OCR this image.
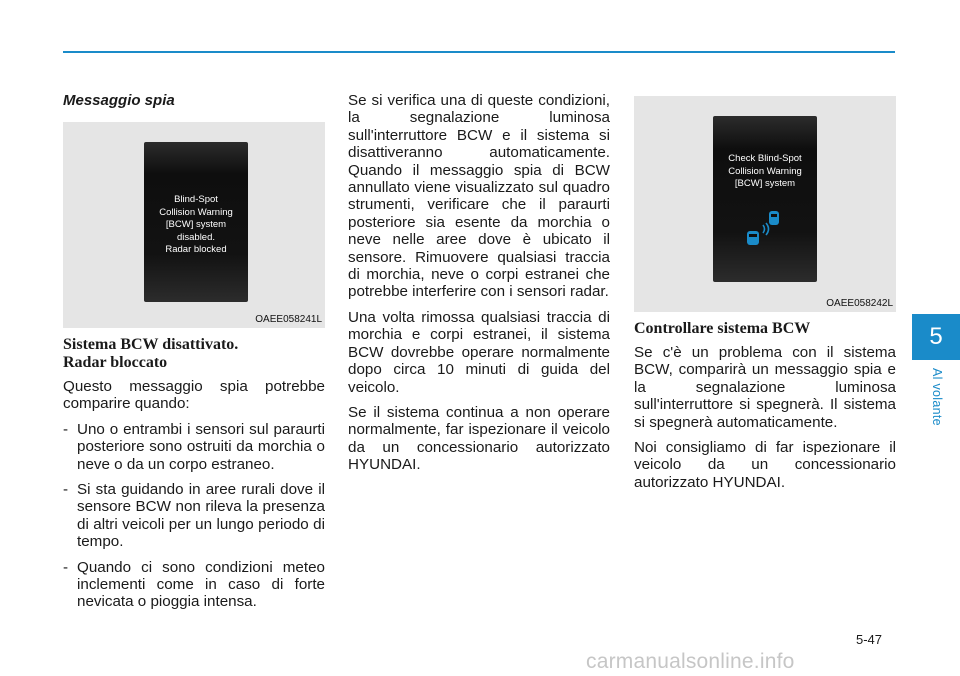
Messaggio spia
Blind-Spot
Collision Warning
[BCW] system
disabled.
Radar blocked
OAEE058241L
Sistema BCW disattivato. Radar bloccato

Questo messaggio spia potrebbe comparire quando:

- Uno o entrambi i sensori sul paraurti posteriore sono ostruiti da morchia o neve o da un corpo estraneo.
- Si sta guidando in aree rurali dove il sensore BCW non rileva la presenza di altri veicoli per un lungo periodo di tempo.
- Quando ci sono condizioni meteo inclementi come in caso di forte nevicata o pioggia intensa.

Se si verifica una di queste condizioni, la segnalazione luminosa sull'interruttore BCW e il sistema si disattiveranno automaticamente. Quando il messaggio spia di BCW annullato viene visualizzato sul quadro strumenti, verificare che il paraurti posteriore sia esente da morchia o neve nelle aree dove è ubicato il sensore. Rimuovere qualsiasi traccia di morchia, neve o corpi estranei che potrebbe interferire con i sensori radar.

Una volta rimossa qualsiasi traccia di morchia e corpi estranei, il sistema BCW dovrebbe operare normalmente dopo circa 10 minuti di guida del veicolo.

Se il sistema continua a non operare normalmente, far ispezionare il veicolo da un concessionario autorizzato HYUNDAI.

Check Blind-Spot
Collision Warning
[BCW] system
OAEE058242L
Controllare sistema BCW

Se c'è un problema con il sistema BCW, comparirà un messaggio spia e la segnalazione luminosa sull'interruttore si spegnerà. Il sistema si spegnerà automaticamente.

Noi consigliamo di far ispezionare il veicolo da un concessionario autorizzato HYUNDAI.

5
Al volante
5-47
carmanualsonline.info
